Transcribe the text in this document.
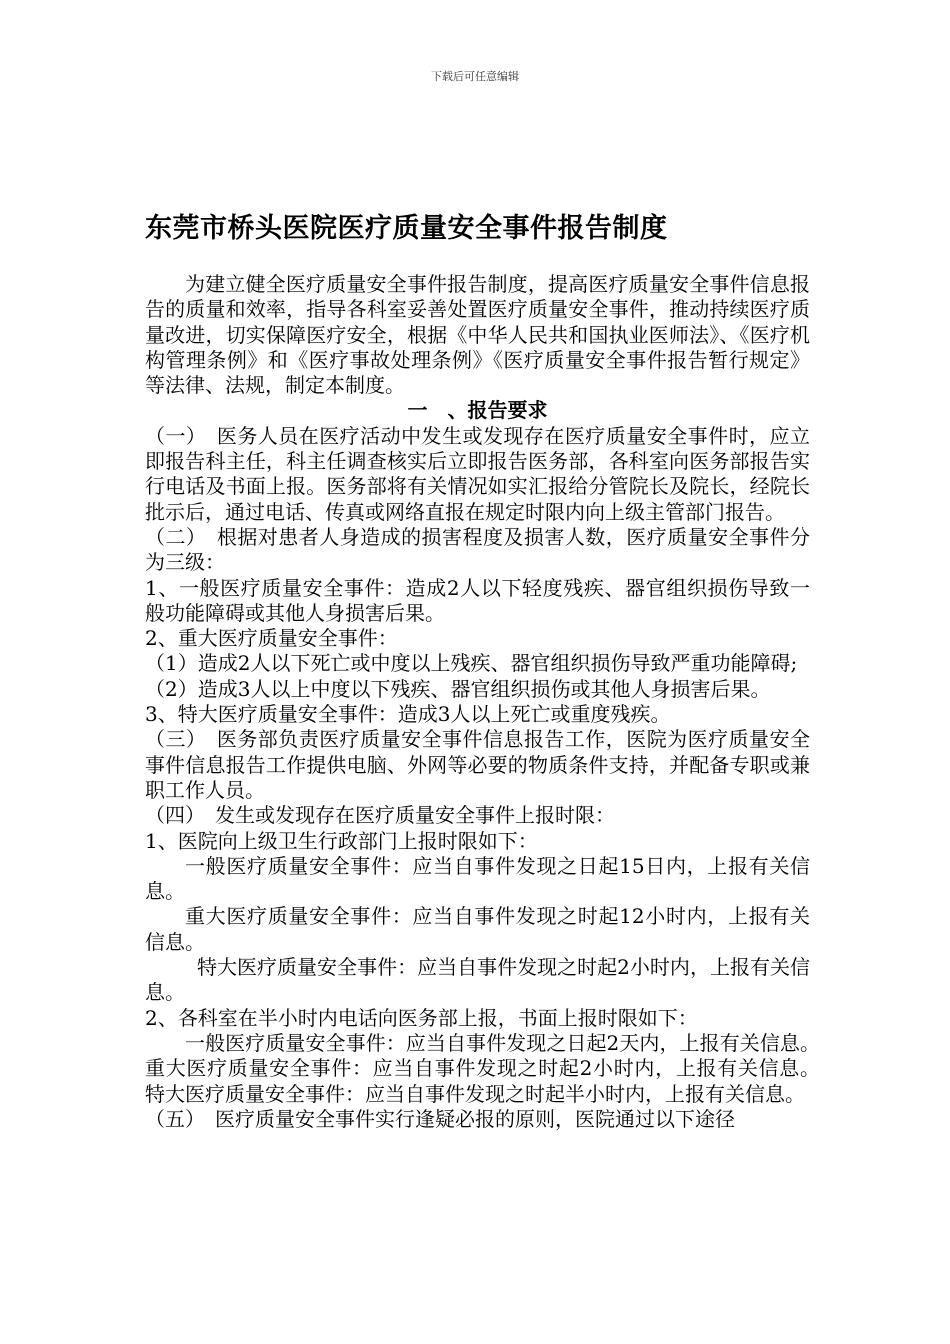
下载后可任意编辑
东莞市桥头医院医疗质量安全事件报告制度

为建立健全医疗质量安全事件报告制度，提高医疗质量安全事件信息报告的质量和效率，指导各科室妥善处置医疗质量安全事件，推动持续医疗质量改进，切实保障医疗安全，根据《中华人民共和国执业医师法》、《医疗机构管理条例》和《医疗事故处理条例》《医疗质量安全事件报告暂行规定》等法律、法规，制定本制度。

一　、报告要求

（一）　医务人员在医疗活动中发生或发现存在医疗质量安全事件时，应立即报告科主任，科主任调查核实后立即报告医务部，各科室向医务部报告实行电话及书面上报。医务部将有关情况如实汇报给分管院长及院长，经院长批示后，通过电话、传真或网络直报在规定时限内向上级主管部门报告。

（二）　根据对患者人身造成的损害程度及损害人数，医疗质量安全事件分为三级：

1、一般医疗质量安全事件：造成2人以下轻度残疾、器官组织损伤导致一般功能障碍或其他人身损害后果。

2、重大医疗质量安全事件：

（1）造成2人以下死亡或中度以上残疾、器官组织损伤导致严重功能障碍;

（2）造成3人以上中度以下残疾、器官组织损伤或其他人身损害后果。

3、特大医疗质量安全事件：造成3人以上死亡或重度残疾。

（三）　医务部负责医疗质量安全事件信息报告工作，医院为医疗质量安全事件信息报告工作提供电脑、外网等必要的物质条件支持，并配备专职或兼职工作人员。

（四）　发生或发现存在医疗质量安全事件上报时限：

1、医院向上级卫生行政部门上报时限如下：

一般医疗质量安全事件：应当自事件发现之日起15日内，上报有关信息。

重大医疗质量安全事件：应当自事件发现之时起12小时内，上报有关信息。

特大医疗质量安全事件：应当自事件发现之时起2小时内，上报有关信息。

2、各科室在半小时内电话向医务部上报，书面上报时限如下：

一般医疗质量安全事件：应当自事件发现之日起2天内，上报有关信息。　 重大医疗质量安全事件：应当自事件发现之时起2小时内，上报有关信息。　 特大医疗质量安全事件：应当自事件发现之时起半小时内，上报有关信息。

（五）　医疗质量安全事件实行逢疑必报的原则，医院通过以下途径
